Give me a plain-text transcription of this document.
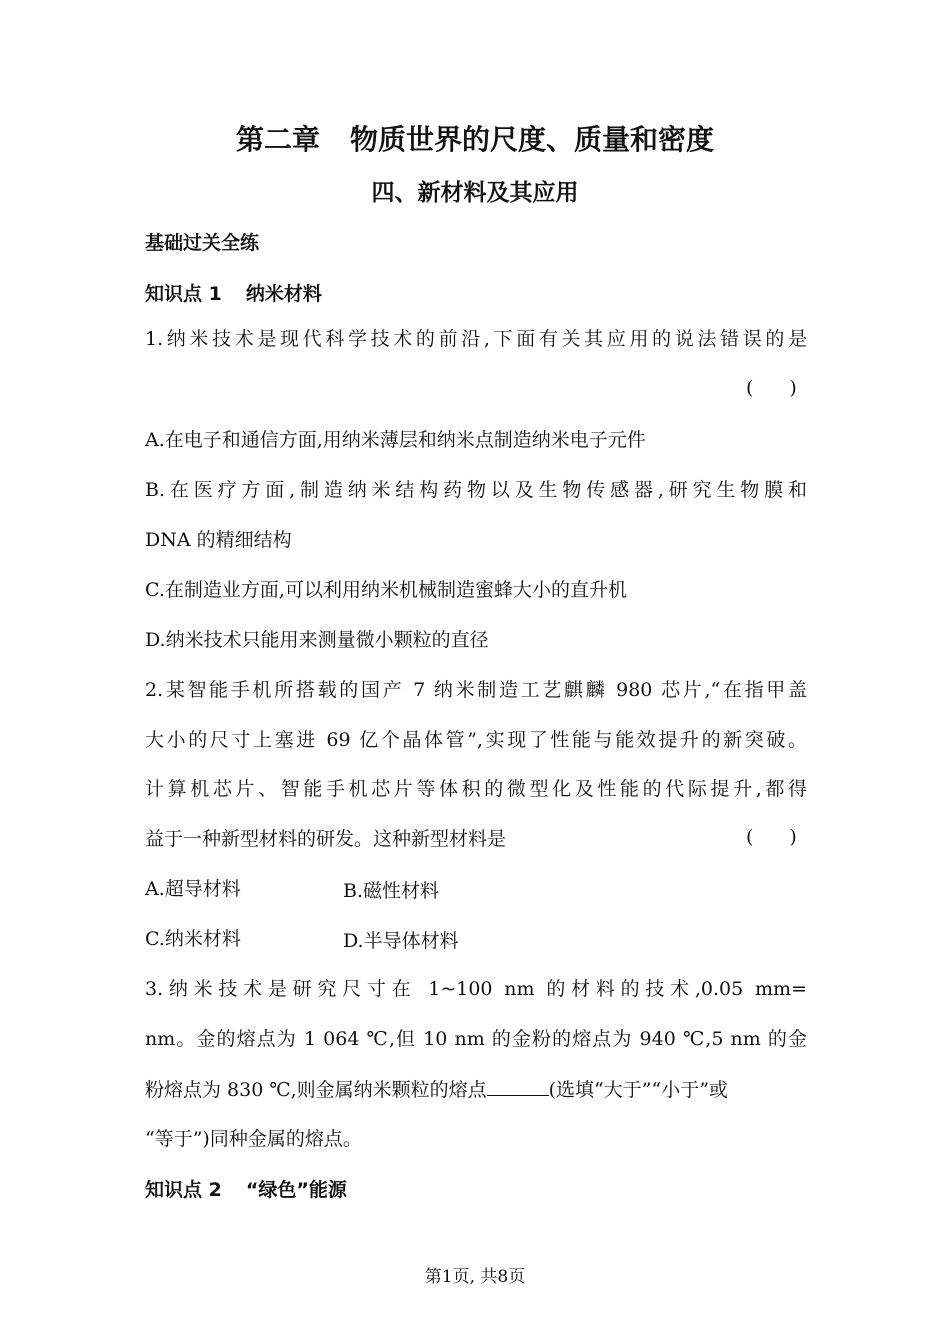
第二章 物质世界的尺度、质量和密度
四、新材料及其应用
基础过关全练
知识点 1 纳米材料
1.纳米技术是现代科学技术的前沿,下面有关其应用的说法错误的是
( )
A.在电子和通信方面,用纳米薄层和纳米点制造纳米电子元件
B.在医疗方面,制造纳米结构药物以及生物传感器,研究生物膜和
DNA 的精细结构
C.在制造业方面,可以利用纳米机械制造蜜蜂大小的直升机
D.纳米技术只能用来测量微小颗粒的直径
2.某智能手机所搭载的国产 7 纳米制造工艺麒麟 980 芯片,“在指甲盖
大小的尺寸上塞进 69 亿个晶体管”,实现了性能与能效提升的新突破。
计算机芯片、智能手机芯片等体积的微型化及性能的代际提升,都得
益于一种新型材料的研发。这种新型材料是	( )
A.超导材料	B.磁性材料
C.纳米材料	D.半导体材料
3.纳米技术是研究尺寸在 1~100 nm 的材料的技术,0.05 mm=
nm。金的熔点为 1 064 ℃,但 10 nm 的金粉的熔点为 940 ℃,5 nm 的金
粉熔点为 830 ℃,则金属纳米颗粒的熔点	(选填“大于”“小于”或
“等于”)同种金属的熔点。
知识点 2 “绿色”能源
第1页, 共8页
